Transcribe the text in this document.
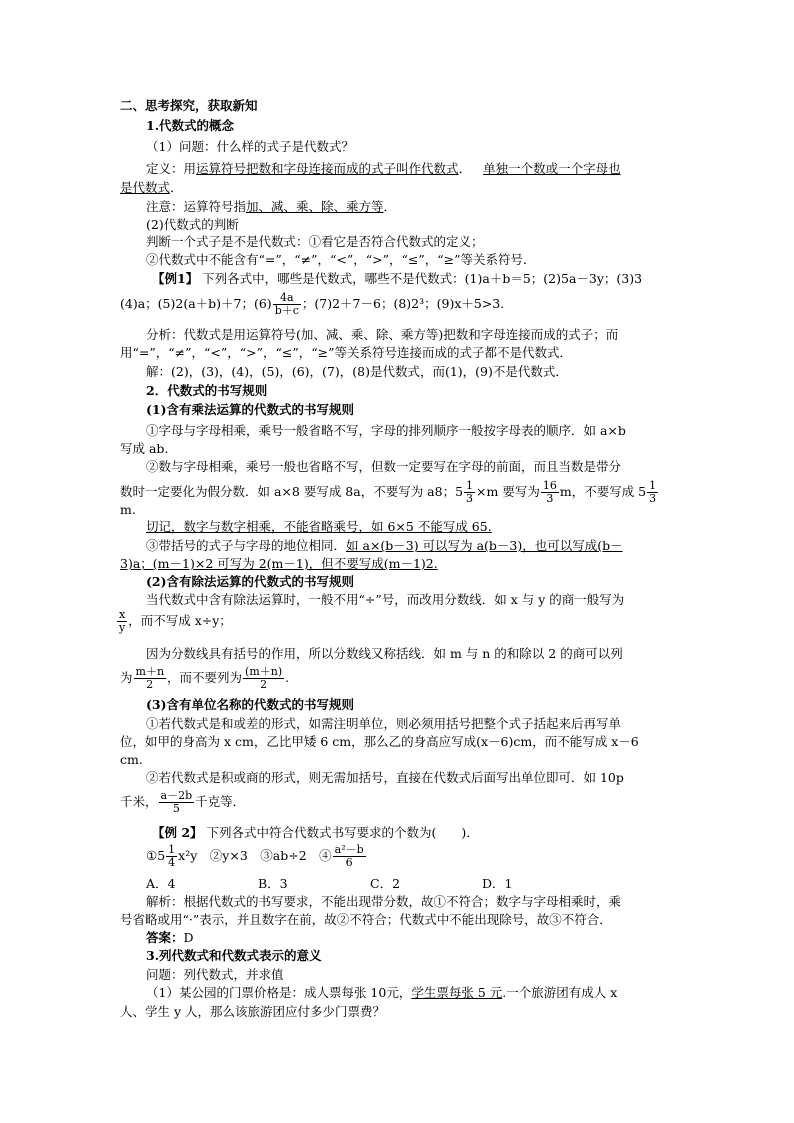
二、思考探究，获取新知
1.代数式的概念
（1）问题：什么样的式子是代数式？
定义：用运算符号把数和字母连接而成的式子叫作代数式． 单独一个数或一个字母也
是代数式．
注意：运算符号指加、减、乘、除、乘方等．
(2)代数式的判断
判断一个式子是不是代数式：①看它是否符合代数式的定义；
②代数式中不能含有“=”，“≠”，“<”，“>”，“≤”，“≥”等关系符号．
【例1】 下列各式中，哪些是代数式，哪些不是代数式：(1)a＋b＝5；(2)5a－3y；(3)3
(4)a；(5)2(a＋b)＋7；$(6) \frac{4a}{b+c}$ ；(7)2＋7－6；(8)2³；(9)x＋5>3.
分析：代数式是用运算符号(加、减、乘、除、乘方等)把数和字母连接而成的式子；而
用“=”，“≠”，“<”，“>”，“≤”，“≥”等关系符号连接而成的式子都不是代数式．
解：(2)，(3)，(4)，(5)，(6)，(7)，(8)是代数式，而(1)，(9)不是代数式．
2．代数式的书写规则
(1)含有乘法运算的代数式的书写规则
①字母与字母相乘，乘号一般省略不写，字母的排列顺序一般按字母表的顺序．如 a×b
写成 ab.
②数与字母相乘，乘号一般也省略不写，但数一定要写在字母的前面，而且当数是带分
数时一定要化为假分数．如 a×8 要写成 8a，不要写为 a8；$5 \frac{1}{3} \times m$ 要写为 $\frac{16}{3}$ m，不要写成 $5 \frac{1}{3}$
m.
切记，数字与数字相乘，不能省略乘号，如 6×5 不能写成 65.
③带括号的式子与字母的地位相同．如 a×(b－3) 可以写为 a(b－3)，也可以写成(b－
3)a；(m－1)×2 可写为 2(m－1)，但不要写成(m－1)2.
(2)含有除法运算的代数式的书写规则
当代数式中含有除法运算时，一般不用“÷”号，而改用分数线．如 x 与 y 的商一般写为
$\frac{x}{y}$ ，而不写成 x÷y；
因为分数线具有括号的作用，所以分数线又称括线．如 m 与 n 的和除以 2 的商可以列
为 $\frac{m+n}{2}$ ，而不要列为 $\frac{(m+n)}{2}$ .
(3)含有单位名称的代数式的书写规则
①若代数式是和或差的形式，如需注明单位，则必须用括号把整个式子括起来后再写单
位，如甲的身高为 x cm，乙比甲矮 6 cm，那么乙的身高应写成(x－6)cm，而不能写成 x－6
cm.
②若代数式是积或商的形式，则无需加括号，直接在代数式后面写出单位即可．如 10p
千米， $\frac{a-2b}{5}$ 千克等．
【例 2】 下列各式中符合代数式书写要求的个数为(　　)．
①5 $\frac{1}{4} x^2y$　②y×3　③ab÷2　④ $\frac{\text{a²－b}}{6}$
A．4	B．3	C．2	D．1
解析：根据代数式的书写要求，不能出现带分数，故①不符合；数字与字母相乘时，乘
号省略或用“·”表示，并且数字在前，故②不符合；代数式中不能出现除号，故③不符合．
答案：D
3.列代数式和代数式表示的意义
问题：列代数式，并求值
（1）某公园的门票价格是：成人票每张 10元，学生票每张 5 元.一个旅游团有成人 x
人、学生 y 人，那么该旅游团应付多少门票费？
